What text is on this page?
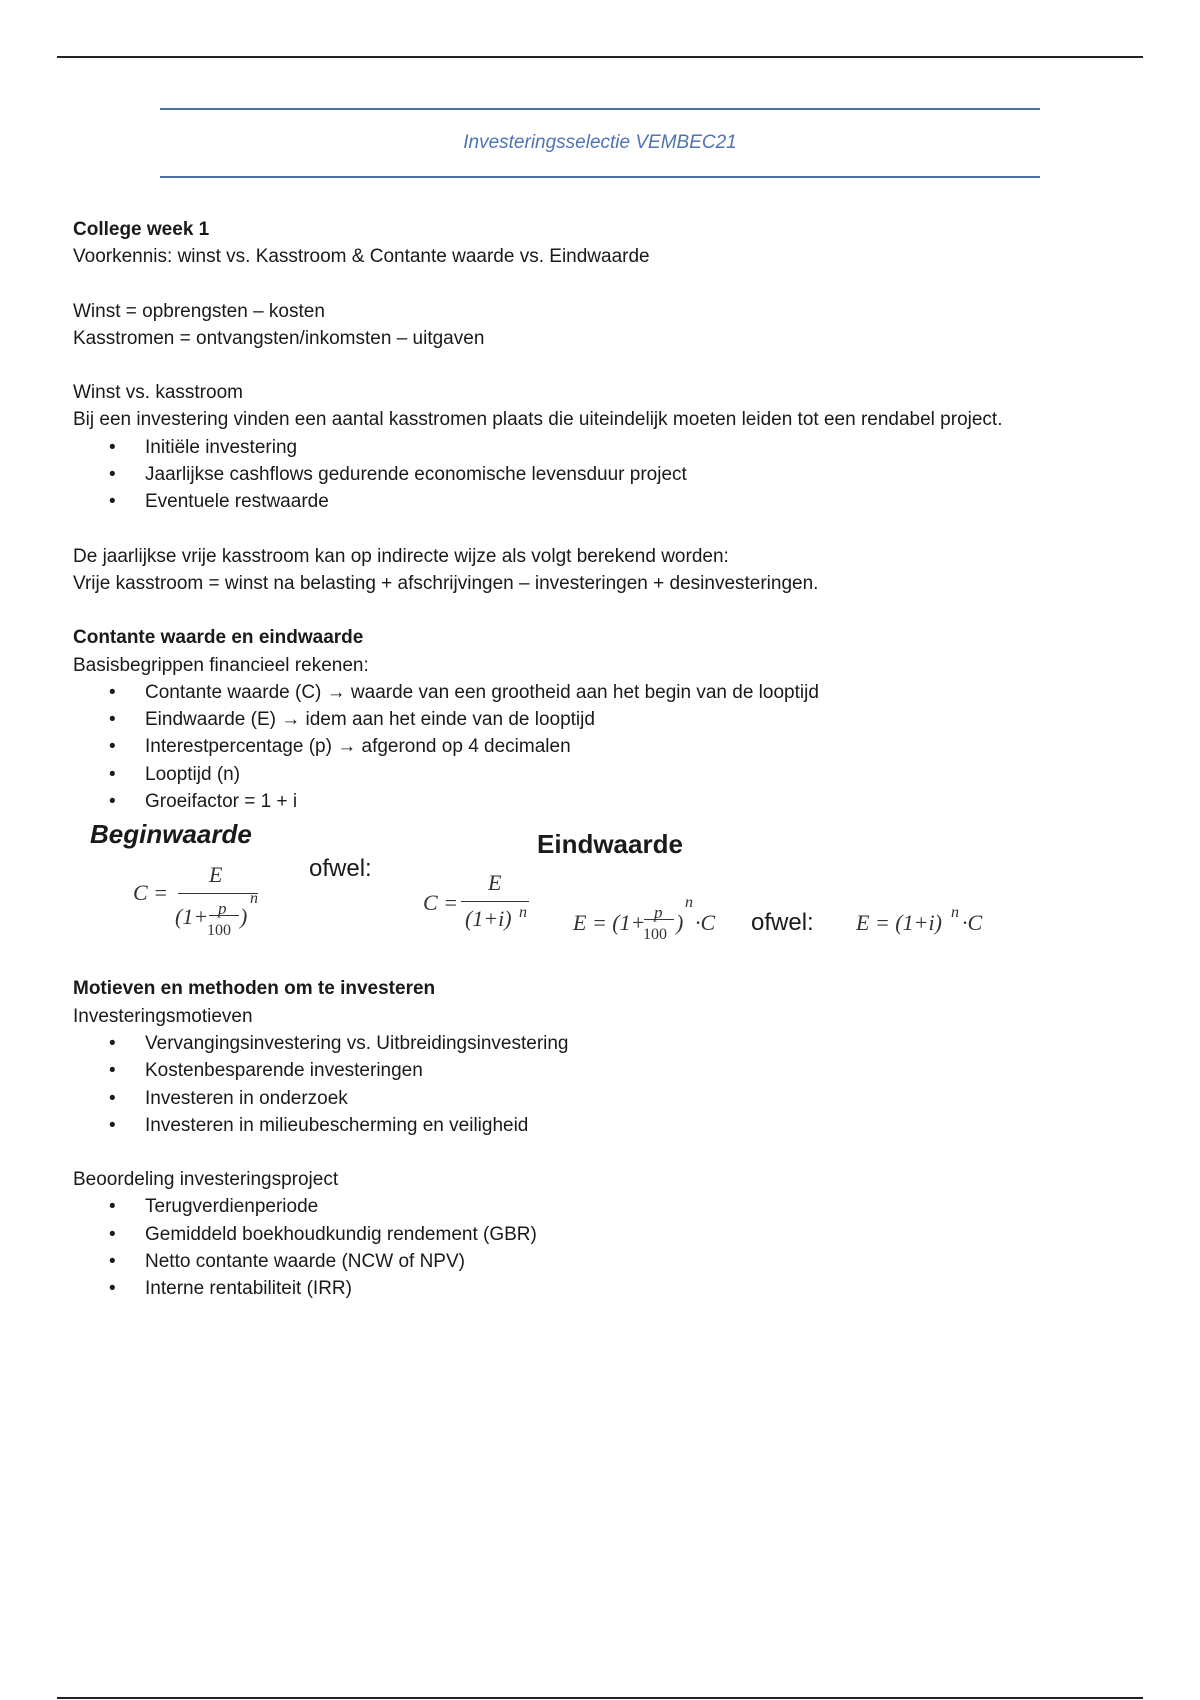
Investeringsselectie VEMBEC21

College week 1

Voorkennis: winst vs. Kasstroom & Contante waarde vs. Eindwaarde

Winst = opbrengsten – kosten

Kasstromen = ontvangsten/inkomsten – uitgaven

Winst vs. kasstroom

Bij een investering vinden een aantal kasstromen plaats die uiteindelijk moeten leiden tot een rendabel project.

• Initiële investering
• Jaarlijkse cashflows gedurende economische levensduur project
• Eventuele restwaarde

De jaarlijkse vrije kasstroom kan op indirecte wijze als volgt berekend worden:

Vrije kasstroom = winst na belasting + afschrijvingen – investeringen + desinvesteringen.

Contante waarde en eindwaarde

Basisbegrippen financieel rekenen:

• Contante waarde (C) → waarde van een grootheid aan het begin van de looptijd
• Eindwaarde (E) → idem aan het einde van de looptijd
• Interestpercentage (p) → afgerond op 4 decimalen
• Looptijd (n)
• Groeifactor = 1 + i
Beginwaarde
C =
E
(1+ p
100
)
n
ofwel:
C =
E
(1+i) n
Eindwaarde
E = (1+ p
100 )
n
·C ofwel: E = (1+i) n ·C

Motieven en methoden om te investeren

Investeringsmotieven

• Vervangingsinvestering vs. Uitbreidingsinvestering
• Kostenbesparende investeringen
• Investeren in onderzoek
• Investeren in milieubescherming en veiligheid

Beoordeling investeringsproject

• Terugverdienperiode
• Gemiddeld boekhoudkundig rendement (GBR)
• Netto contante waarde (NCW of NPV)
• Interne rentabiliteit (IRR)
